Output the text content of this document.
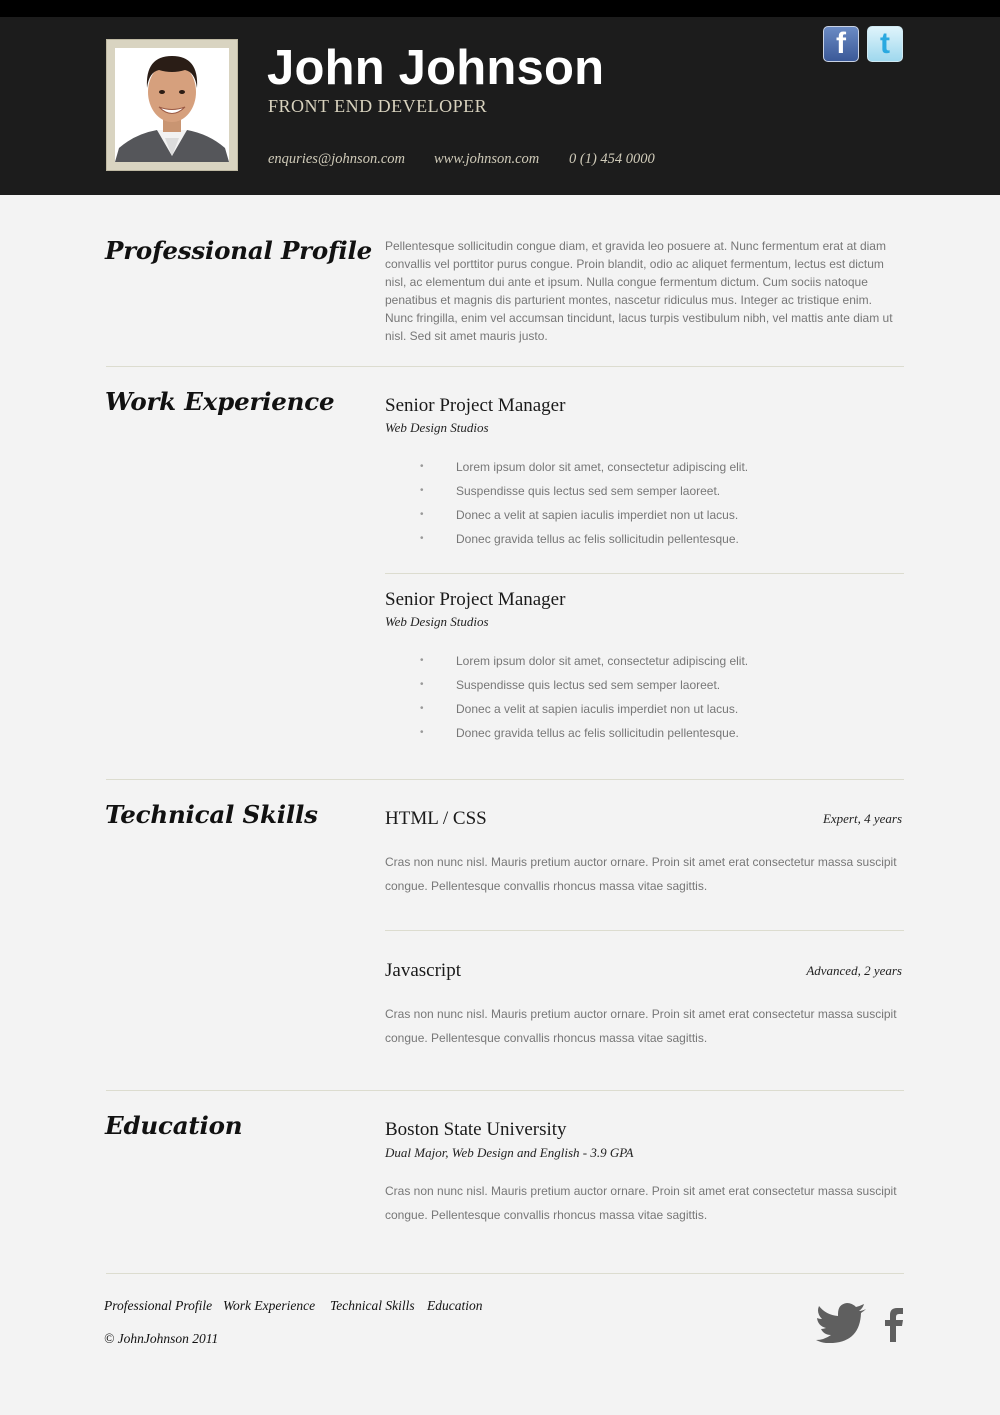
John Johnson
FRONT END DEVELOPER
enquries@johnson.com www.johnson.com 0 (1) 454 0000
f	t
Professional Profile Pellentesque sollicitudin congue diam, et gravida leo posuere at. Nunc fermentum erat at diam convallis vel porttitor purus congue. Proin blandit, odio ac aliquet fermentum, lectus est dictum nisl, ac elementum dui ante et ipsum. Nulla congue fermentum dictum. Cum sociis natoque penatibus et magnis dis parturient montes, nascetur ridiculus mus. Integer ac tristique enim. Nunc fringilla, enim vel accumsan tincidunt, lacus turpis vestibulum nibh, vel mattis ante diam ut nisl. Sed sit amet mauris justo.
Work Experience	Senior Project Manager
Web Design Studios
•	Lorem ipsum dolor sit amet, consectetur adipiscing elit.
•	Suspendisse quis lectus sed sem semper laoreet.
•	Donec a velit at sapien iaculis imperdiet non ut lacus.
•	Donec gravida tellus ac felis sollicitudin pellentesque.
Senior Project Manager
Web Design Studios
•	Lorem ipsum dolor sit amet, consectetur adipiscing elit.
•	Suspendisse quis lectus sed sem semper laoreet.
•	Donec a velit at sapien iaculis imperdiet non ut lacus.
•	Donec gravida tellus ac felis sollicitudin pellentesque.
Technical Skills	HTML / CSS	Expert, 4 years
Cras non nunc nisl. Mauris pretium auctor ornare. Proin sit amet erat consectetur massa suscipit congue. Pellentesque convallis rhoncus massa vitae sagittis.
Javascript	Advanced, 2 years
Cras non nunc nisl. Mauris pretium auctor ornare. Proin sit amet erat consectetur massa suscipit congue. Pellentesque convallis rhoncus massa vitae sagittis.
Education	Boston State University
Dual Major, Web Design and English - 3.9 GPA
Cras non nunc nisl. Mauris pretium auctor ornare. Proin sit amet erat consectetur massa suscipit congue. Pellentesque convallis rhoncus massa vitae sagittis.
Professional Profile Work Experience Technical Skills Education
© JohnJohnson 2011
